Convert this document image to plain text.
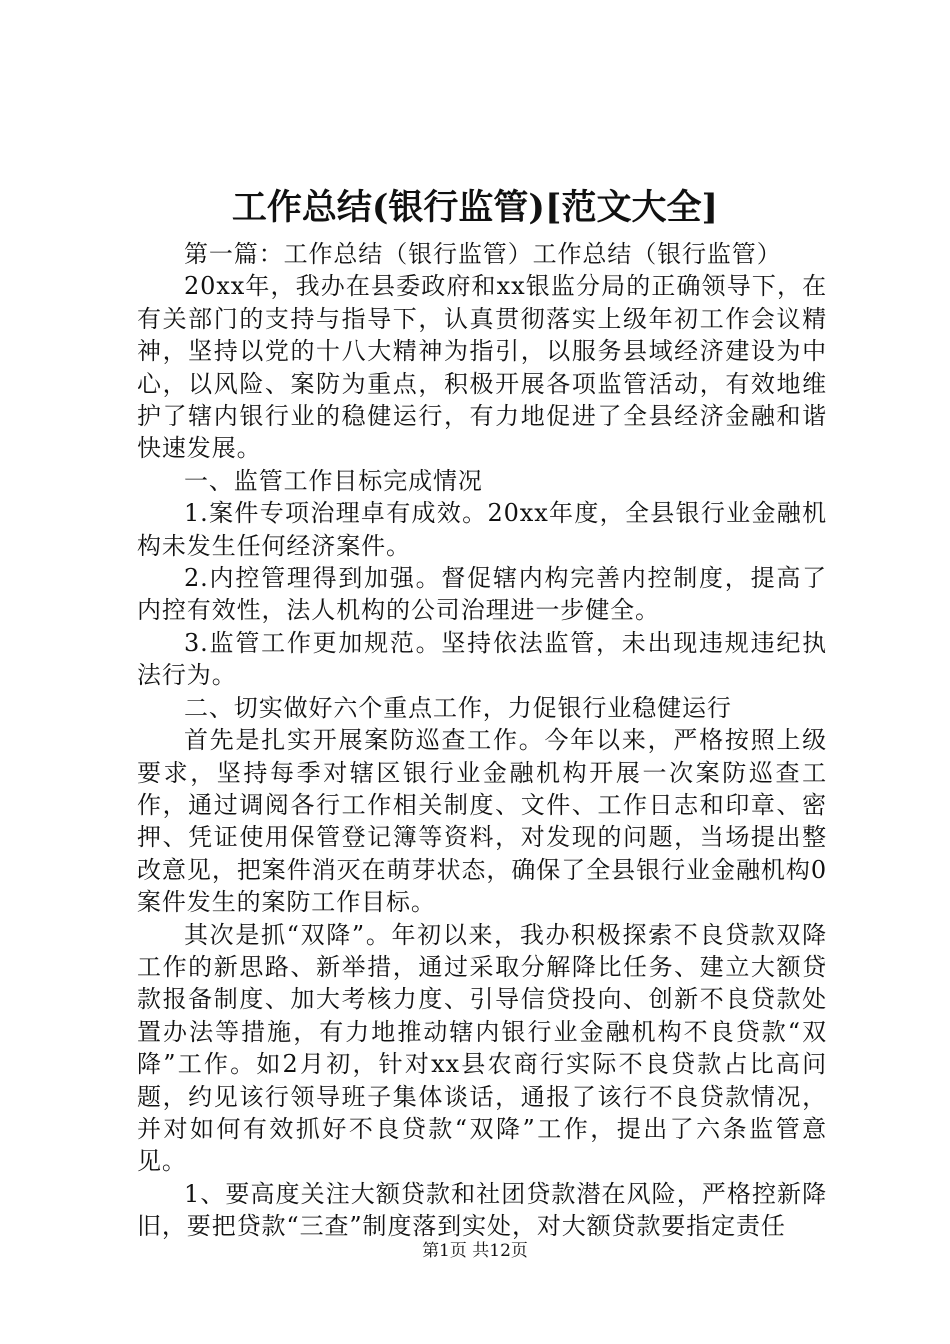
工作总结(银行监管)[范文大全]

第一篇：工作总结（银行监管）工作总结（银行监管）

20xx年，我办在县委政府和xx银监分局的正确领导下，在有关部门的支持与指导下，认真贯彻落实上级年初工作会议精神，坚持以党的十八大精神为指引，以服务县域经济建设为中心，以风险、案防为重点，积极开展各项监管活动，有效地维护了辖内银行业的稳健运行，有力地促进了全县经济金融和谐快速发展。

一、监管工作目标完成情况

1.案件专项治理卓有成效。20xx年度，全县银行业金融机构未发生任何经济案件。

2.内控管理得到加强。督促辖内构完善内控制度，提高了内控有效性，法人机构的公司治理进一步健全。

3.监管工作更加规范。坚持依法监管，未出现违规违纪执法行为。

二、切实做好六个重点工作，力促银行业稳健运行

首先是扎实开展案防巡查工作。今年以来，严格按照上级要求，坚持每季对辖区银行业金融机构开展一次案防巡查工作，通过调阅各行工作相关制度、文件、工作日志和印章、密押、凭证使用保管登记簿等资料，对发现的问题，当场提出整改意见，把案件消灭在萌芽状态，确保了全县银行业金融机构0案件发生的案防工作目标。

其次是抓“双降”。年初以来，我办积极探索不良贷款双降工作的新思路、新举措，通过采取分解降比任务、建立大额贷款报备制度、加大考核力度、引导信贷投向、创新不良贷款处置办法等措施，有力地推动辖内银行业金融机构不良贷款“双降”工作。如2月初，针对xx县农商行实际不良贷款占比高问题，约见该行领导班子集体谈话，通报了该行不良贷款情况，并对如何有效抓好不良贷款“双降”工作，提出了六条监管意见。

1、要高度关注大额贷款和社团贷款潜在风险，严格控新降旧，要把贷款“三查”制度落到实处，对大额贷款要指定责任

第1页 共12页
